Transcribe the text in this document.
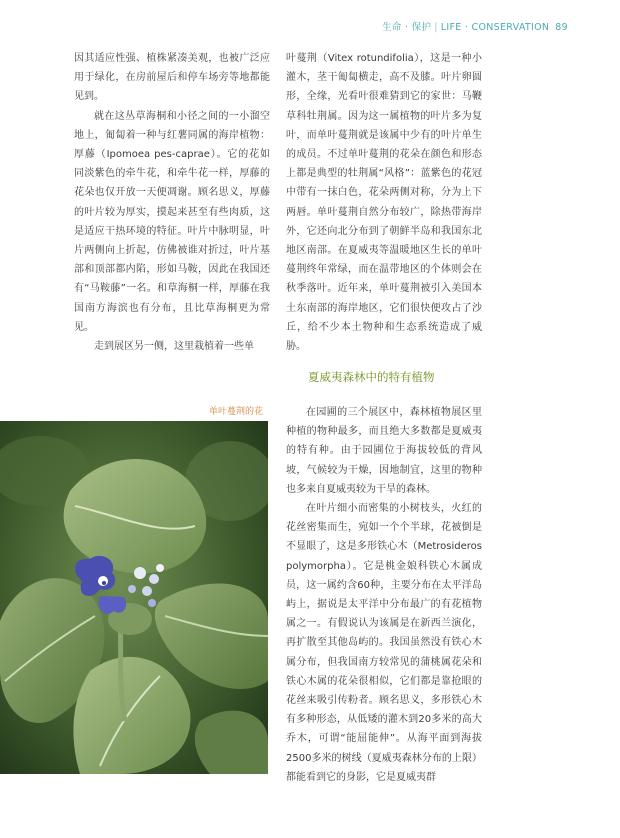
生命 · 保护 | LIFE · CONSERVATION 89

因其适应性强、植株紧凑美观，也被广泛应用于绿化，在房前屋后和停车场旁等地都能见到。

就在这丛草海桐和小径之间的一小溜空地上，匍匐着一种与红薯同属的海岸植物：厚藤（Ipomoea pes-caprae）。它的花如同淡紫色的牵牛花，和牵牛花一样，厚藤的花朵也仅开放一天便凋谢。顾名思义，厚藤的叶片较为厚实，摸起来甚至有些肉质，这是适应干热环境的特征。叶片中脉明显，叶片两侧向上折起，仿佛被谁对折过，叶片基部和顶部都内陷，形如马鞍，因此在我国还有“马鞍藤”一名。和草海桐一样，厚藤在我国南方海滨也有分布，且比草海桐更为常见。

走到展区另一侧，这里栽植着一些单

叶蔓荆（Vitex rotundifolia），这是一种小灌木，茎干匍匐横走，高不及膝。叶片卵圆形，全缘，光看叶很难猜到它的家世：马鞭草科牡荆属。因为这一属植物的叶片多为复叶，而单叶蔓荆就是该属中少有的叶片单生的成员。不过单叶蔓荆的花朵在颜色和形态上都是典型的牡荆属“风格”：蓝紫色的花冠中带有一抹白色，花朵两侧对称，分为上下两唇。单叶蔓荆自然分布较广，除热带海岸外，它还向北分布到了朝鲜半岛和我国东北地区南部。在夏威夷等温暖地区生长的单叶蔓荆终年常绿，而在温带地区的个体则会在秋季落叶。近年来，单叶蔓荆被引入美国本土东南部的海岸地区，它们很快便攻占了沙丘，给不少本土物种和生态系统造成了威胁。

夏威夷森林中的特有植物
单叶蔓荆的花	在园圃的三个展区中，森林植物展区里种植的物种最多，而且绝大多数都是夏威夷的特有种。由于园圃位于海拔较低的背风坡，气候较为干燥，因地制宜，这里的物种也多来自夏威夷较为干旱的森林。

在叶片细小而密集的小树枝头，火红的花丝密集而生，宛如一个个半球，花被倒是不显眼了，这是多形铁心木（Metrosideros polymorpha）。它是桃金娘科铁心木属成员，这一属约含60种，主要分布在太平洋岛屿上，据说是太平洋中分布最广的有花植物属之一。有假说认为该属是在新西兰演化，再扩散至其他岛屿的。我国虽然没有铁心木属分布，但我国南方较常见的蒲桃属花朵和铁心木属的花朵很相似，它们都是靠抢眼的花丝来吸引传粉者。顾名思义，多形铁心木有多种形态，从低矮的灌木到20多米的高大乔木，可谓“能屈能伸”。从海平面到海拔2500多米的树线（夏威夷森林分布的上限）都能看到它的身影，它是夏威夷群
